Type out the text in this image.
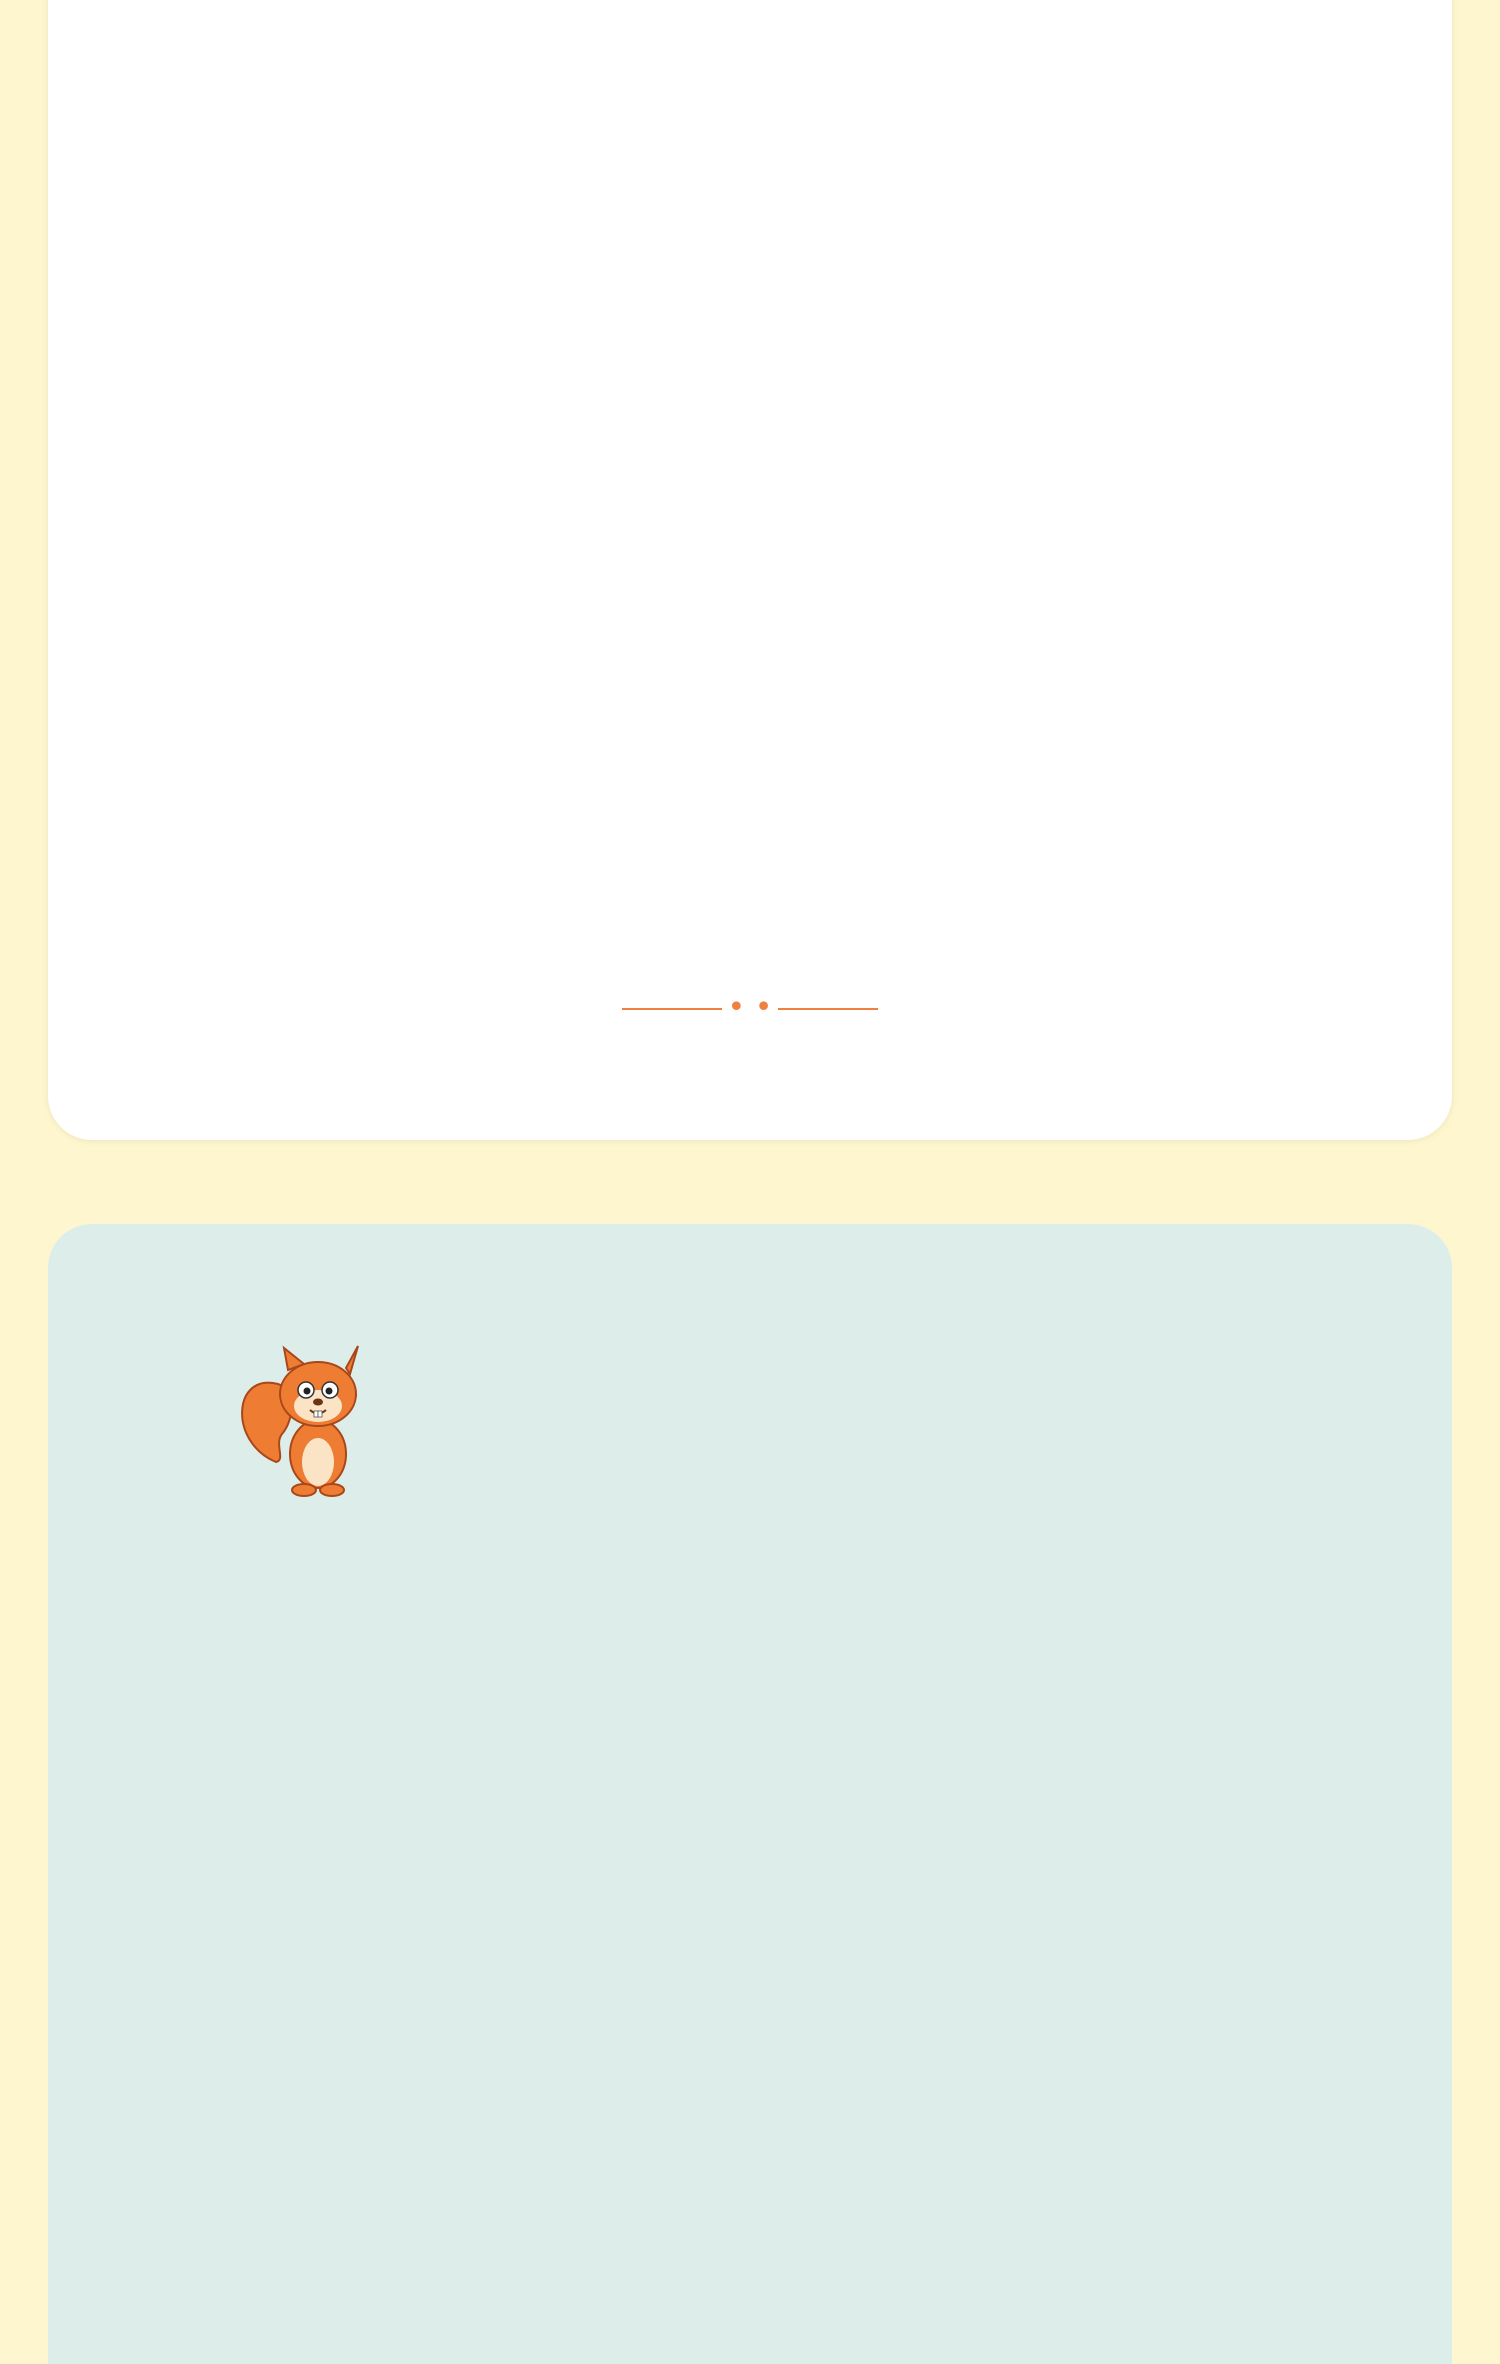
• •
